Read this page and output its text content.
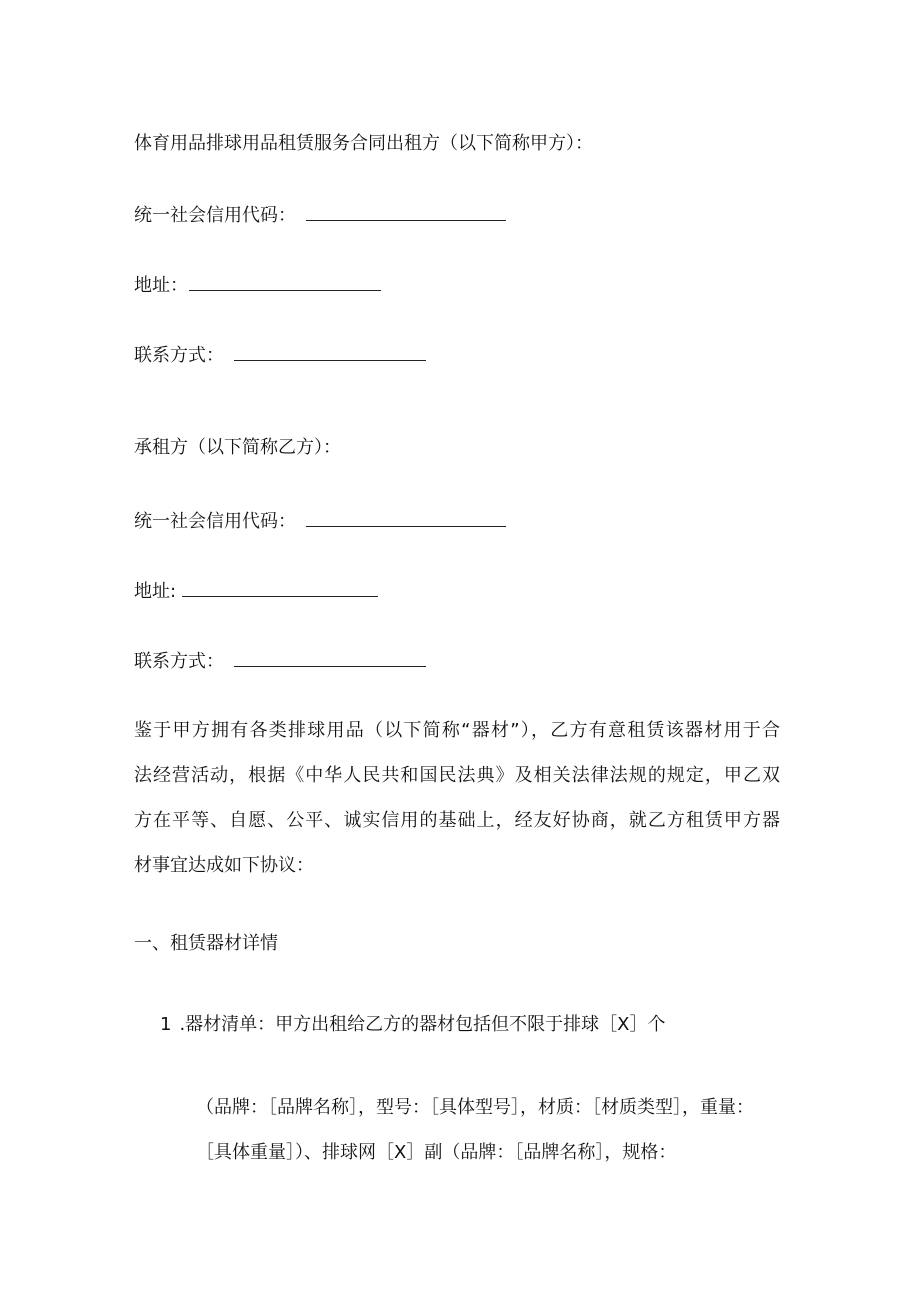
体育用品排球用品租赁服务合同出租方（以下简称甲方）：
统一社会信用代码：
地址：
联系方式：
承租方（以下简称乙方）：
统一社会信用代码：
地址:
联系方式：
鉴于甲方拥有各类排球用品（以下简称“器材”），乙方有意租赁该器材用于合
法经营活动，根据《中华人民共和国民法典》及相关法律法规的规定，甲乙双
方在平等、自愿、公平、诚实信用的基础上，经友好协商，就乙方租赁甲方器
材事宜达成如下协议：
一、租赁器材详情
1 .器材清单：甲方出租给乙方的器材包括但不限于排球［X］个
（品牌：［品牌名称］，型号：［具体型号］，材质：［材质类型］，重量：
［具体重量］）、排球网［X］副（品牌：［品牌名称］，规格：
